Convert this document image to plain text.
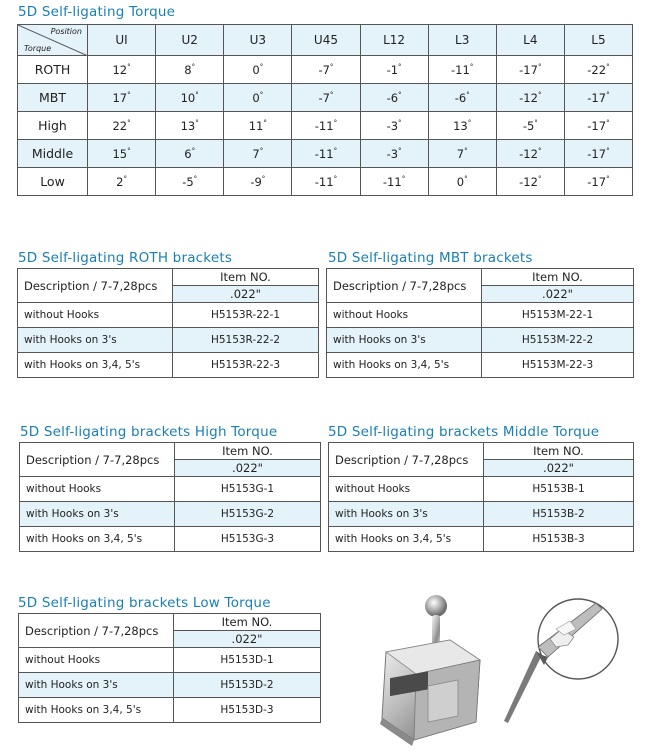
5D Self-ligating Torque
Position
Torque	UI	U2	U3	U45	L12	L3	L4	L5
ROTH	12°	8°	0°	-7°	-1°	-11°	-17°	-22°
MBT	17°	10°	0°	-7°	-6°	-6°	-12°	-17°
High	22°	13°	11°	-11°	-3°	13°	-5°	-17°
Middle	15°	6°	7°	-11°	-3°	7°	-12°	-17°
Low	2°	-5°	-9°	-11°	-11°	0°	-12°	-17°
5D Self-ligating ROTH brackets	5D Self-ligating MBT brackets
5D Self-ligating brackets High Torque	5D Self-ligating brackets Middle Torque
5D Self-ligating brackets Low Torque
Description / 7-7,28pcs	Item NO.
	.022"
without Hooks	H5153R-22-1
with Hooks on 3's	H5153R-22-2
with Hooks on 3,4, 5's	H5153R-22-3
Description / 7-7,28pcs	Item NO.
	.022"
without Hooks	H5153M-22-1
with Hooks on 3's	H5153M-22-2
with Hooks on 3,4, 5's	H5153M-22-3
Description / 7-7,28pcs	Item NO.
	.022"
without Hooks	H5153G-1
with Hooks on 3's	H5153G-2
with Hooks on 3,4, 5's	H5153G-3
Description / 7-7,28pcs	Item NO.
	.022"
without Hooks	H5153B-1
with Hooks on 3's	H5153B-2
with Hooks on 3,4, 5's	H5153B-3
Description / 7-7,28pcs	Item NO.
	.022"
without Hooks	H5153D-1
with Hooks on 3's	H5153D-2
with Hooks on 3,4, 5's	H5153D-3
